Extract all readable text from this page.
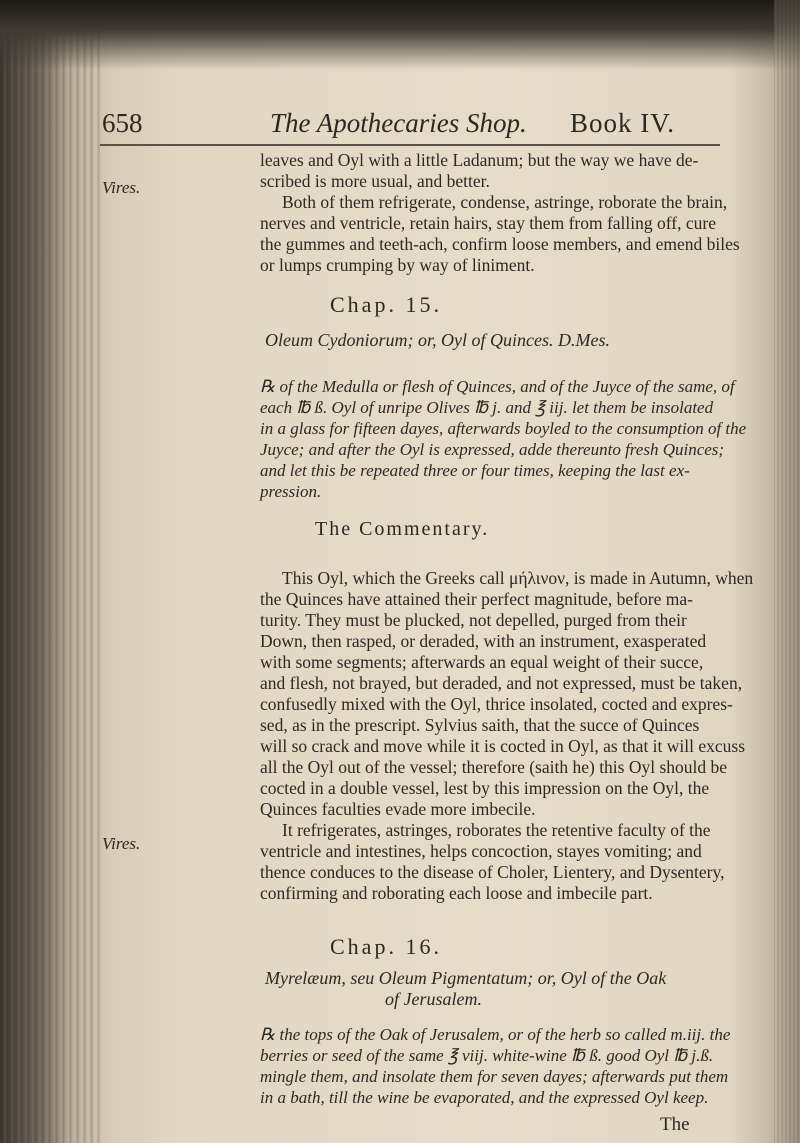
658	The Apothecaries Shop. Book IV.
leaves and Oyl with a little Ladanum; but the way we have de-
scribed is more usual, and better.
Vires.
Both of them refrigerate, condense, astringe, roborate the brain,
nerves and ventricle, retain hairs, stay them from falling off, cure
the gummes and teeth-ach, confirm loose members, and emend biles
or lumps crumping by way of liniment.
Chap. 15.
Oleum Cydoniorum; or, Oyl of Quinces. D.Mes.
℞ of the Medulla or flesh of Quinces, and of the Juyce of the same, of
each ℔ ß. Oyl of unripe Olives ℔ j. and ℥ iij. let them be insolated
in a glass for fifteen dayes, afterwards boyled to the consumption of the
Juyce; and after the Oyl is expressed, adde thereunto fresh Quinces;
and let this be repeated three or four times, keeping the last ex-
pression.
The Commentary.
This Oyl, which the Greeks call μήλινον, is made in Autumn, when
the Quinces have attained their perfect magnitude, before ma-
turity. They must be plucked, not depelled, purged from their
Down, then rasped, or deraded, with an instrument, exasperated
with some segments; afterwards an equal weight of their succe,
and flesh, not brayed, but deraded, and not expressed, must be taken,
confusedly mixed with the Oyl, thrice insolated, cocted and expres-
sed, as in the prescript. Sylvius saith, that the succe of Quinces
will so crack and move while it is cocted in Oyl, as that it will excuss
all the Oyl out of the vessel; therefore (saith he) this Oyl should be
cocted in a double vessel, lest by this impression on the Oyl, the
Quinces faculties evade more imbecile.
Vires.
It refrigerates, astringes, roborates the retentive faculty of the
ventricle and intestines, helps concoction, stayes vomiting; and
thence conduces to the disease of Choler, Lientery, and Dysentery,
confirming and roborating each loose and imbecile part.
Chap. 16.
Myrelæum, seu Oleum Pigmentatum; or, Oyl of the Oak
of Jerusalem.
℞ the tops of the Oak of Jerusalem, or of the herb so called m.iij. the
berries or seed of the same ℥ viij. white-wine ℔ ß. good Oyl ℔ j.ß.
mingle them, and insolate them for seven dayes; afterwards put them
in a bath, till the wine be evaporated, and the expressed Oyl keep.
The
